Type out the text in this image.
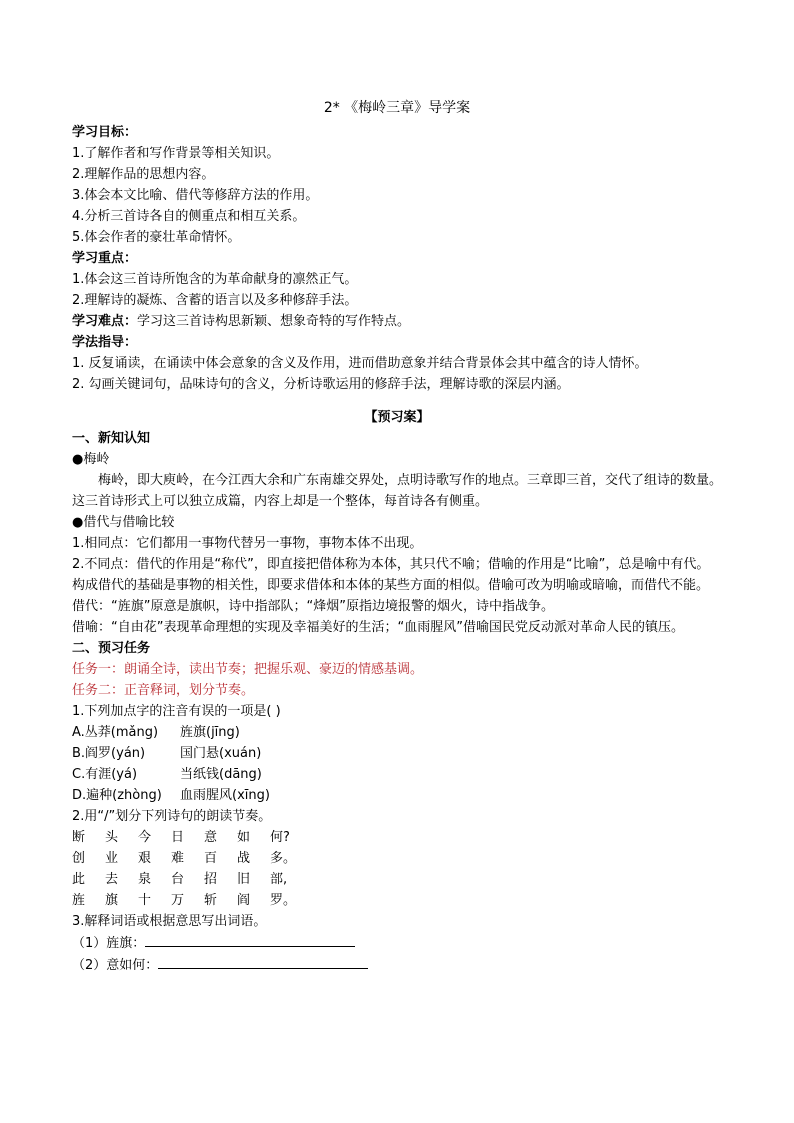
2* 《梅岭三章》导学案
学习目标：
1.了解作者和写作背景等相关知识。
2.理解作品的思想内容。
3.体会本文比喻、借代等修辞方法的作用。
4.分析三首诗各自的侧重点和相互关系。
5.体会作者的豪壮革命情怀。
学习重点：
1.体会这三首诗所饱含的为革命献身的凛然正气。
2.理解诗的凝炼、含蓄的语言以及多种修辞手法。
学习难点：学习这三首诗构思新颖、想象奇特的写作特点。
学法指导：
1. 反复诵读，在诵读中体会意象的含义及作用，进而借助意象并结合背景体会其中蕴含的诗人情怀。
2. 勾画关键词句，品味诗句的含义，分析诗歌运用的修辞手法，理解诗歌的深层内涵。
【预习案】
一、新知认知
●梅岭
梅岭，即大庾岭，在今江西大余和广东南雄交界处，点明诗歌写作的地点。三章即三首，交代了组诗的数量。这三首诗形式上可以独立成篇，内容上却是一个整体，每首诗各有侧重。
●借代与借喻比较
1.相同点：它们都用一事物代替另一事物，事物本体不出现。
2.不同点：借代的作用是“称代”，即直接把借体称为本体，其只代不喻；借喻的作用是“比喻”，总是喻中有代。构成借代的基础是事物的相关性，即要求借体和本体的某些方面的相似。借喻可改为明喻或暗喻，而借代不能。
借代：“旌旗”原意是旗帜，诗中指部队；“烽烟”原指边境报警的烟火，诗中指战争。
借喻：“自由花”表现革命理想的实现及幸福美好的生活；“血雨腥风”借喻国民党反动派对革命人民的镇压。
二、预习任务
任务一：朗诵全诗，读出节奏；把握乐观、豪迈的情感基调。
任务二：正音释词，划分节奏。
1.下列加点字的注音有误的一项是( )
A.丛莽(mǎng) 旌旗(jīng)
B.阎罗(yán)	国门悬(xuán)
C.有涯(yá)	当纸钱(dāng)
D.遍种(zhòng) 血雨腥风(xīng)
2.用“/”划分下列诗句的朗读节奏。
断	头	今	日	意	如	何?
创	业	艰	难	百	战	多。
此	去	泉	台	招	旧	部,
旌	旗	十	万	斩	阎	罗。
3.解释词语或根据意思写出词语。
（1）旌旗：
（2）意如何：
